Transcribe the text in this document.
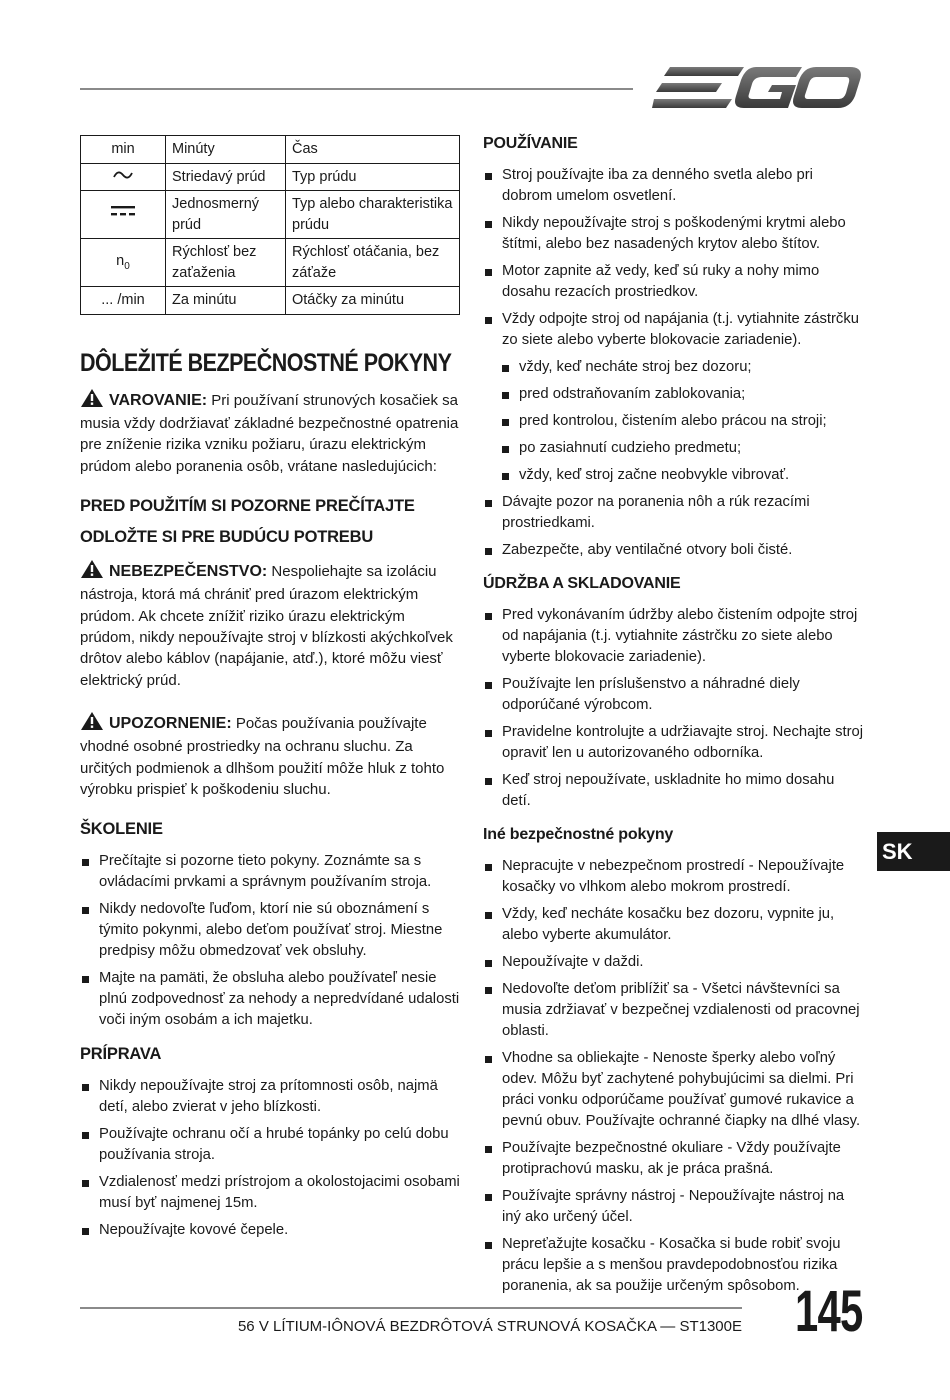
min	Minúty	Čas
	Striedavý prúd	Typ prúdu
	Jednosmerný prúd	Typ alebo charakteristika prúdu
$n_0$	Rýchlosť bez zaťaženia	Rýchlosť otáčania, bez záťaže
... /min	Za minútu	Otáčky za minútu
DÔLEŽITÉ BEZPEČNOSTNÉ POKYNY

VAROVANIE: Pri používaní strunových kosačiek sa musia vždy dodržiavať základné bezpečnostné opatrenia pre zníženie rizika vzniku požiaru, úrazu elektrickým prúdom alebo poranenia osôb, vrátane nasledujúcich:

PRED POUŽITÍM SI POZORNE PREČÍTAJTE
ODLOŽTE SI PRE BUDÚCU POTREBU

NEBEZPEČENSTVO: Nespoliehajte sa izoláciu nástroja, ktorá má chrániť pred úrazom elektrickým prúdom. Ak chcete znížiť riziko úrazu elektrickým prúdom, nikdy nepoužívajte stroj v blízkosti akýchkoľvek drôtov alebo káblov (napájanie, atď.), ktoré môžu viesť elektrický prúd.

UPOZORNENIE: Počas používania používajte vhodné osobné prostriedky na ochranu sluchu. Za určitých podmienok a dlhšom použití môže hluk z tohto výrobku prispieť k poškodeniu sluchu.

ŠKOLENIE
Prečítajte si pozorne tieto pokyny. Zoznámte sa s ovládacími prvkami a správnym používaním stroja.
Nikdy nedovoľte ľuďom, ktorí nie sú oboznámení s týmito pokynmi, alebo deťom používať stroj. Miestne predpisy môžu obmedzovať vek obsluhy.
Majte na pamäti, že obsluha alebo používateľ nesie plnú zodpovednosť za nehody a nepredvídané udalosti voči iným osobám a ich majetku.
PRÍPRAVA
Nikdy nepoužívajte stroj za prítomnosti osôb, najmä detí, alebo zvierat v jeho blízkosti.
Používajte ochranu očí a hrubé topánky po celú dobu používania stroja.
Vzdialenosť medzi prístrojom a okolostojacimi osobami musí byť najmenej 15m.
Nepoužívajte kovové čepele.
POUŽÍVANIE
Stroj používajte iba za denného svetla alebo pri dobrom umelom osvetlení.
Nikdy nepoužívajte stroj s poškodenými krytmi alebo štítmi, alebo bez nasadených krytov alebo štítov.
Motor zapnite až vedy, keď sú ruky a nohy mimo dosahu rezacích prostriedkov.
Vždy odpojte stroj od napájania (t.j. vytiahnite zástrčku zo siete alebo vyberte blokovacie zariadenie).
vždy, keď necháte stroj bez dozoru;
pred odstraňovaním zablokovania;
pred kontrolou, čistením alebo prácou na stroji;
po zasiahnutí cudzieho predmetu;
vždy, keď stroj začne neobvykle vibrovať.
Dávajte pozor na poranenia nôh a rúk rezacími prostriedkami.
Zabezpečte, aby ventilačné otvory boli čisté.
ÚDRŽBA A SKLADOVANIE
Pred vykonávaním údržby alebo čistením odpojte stroj od napájania (t.j. vytiahnite zástrčku zo siete alebo vyberte blokovacie zariadenie).
Používajte len príslušenstvo a náhradné diely odporúčané výrobcom.
Pravidelne kontrolujte a udržiavajte stroj. Nechajte stroj opraviť len u autorizovaného odborníka.
Keď stroj nepoužívate, uskladnite ho mimo dosahu detí.
Iné bezpečnostné pokyny
Nepracujte v nebezpečnom prostredí - Nepoužívajte kosačky vo vlhkom alebo mokrom prostredí.
Vždy, keď necháte kosačku bez dozoru, vypnite ju, alebo vyberte akumulátor.
Nepoužívajte v daždi.
Nedovoľte deťom priblížiť sa - Všetci návštevníci sa musia zdržiavať v bezpečnej vzdialenosti od pracovnej oblasti.
Vhodne sa obliekajte - Nenoste šperky alebo voľný odev. Môžu byť zachytené pohybujúcimi sa dielmi. Pri práci vonku odporúčame používať gumové rukavice a pevnú obuv. Používajte ochranné čiapky na dlhé vlasy.
Používajte bezpečnostné okuliare - Vždy používajte protiprachovú masku, ak je práca prašná.
Používajte správny nástroj - Nepoužívajte nástroj na iný ako určený účel.
Nepreťažujte kosačku - Kosačka si bude robiť svoju prácu lepšie a s menšou pravdepodobnosťou rizika poranenia, ak sa použije určeným spôsobom.
SK
56 V LÍTIUM-IÔNOVÁ BEZDRÔTOVÁ STRUNOVÁ KOSAČKA — ST1300E 145
